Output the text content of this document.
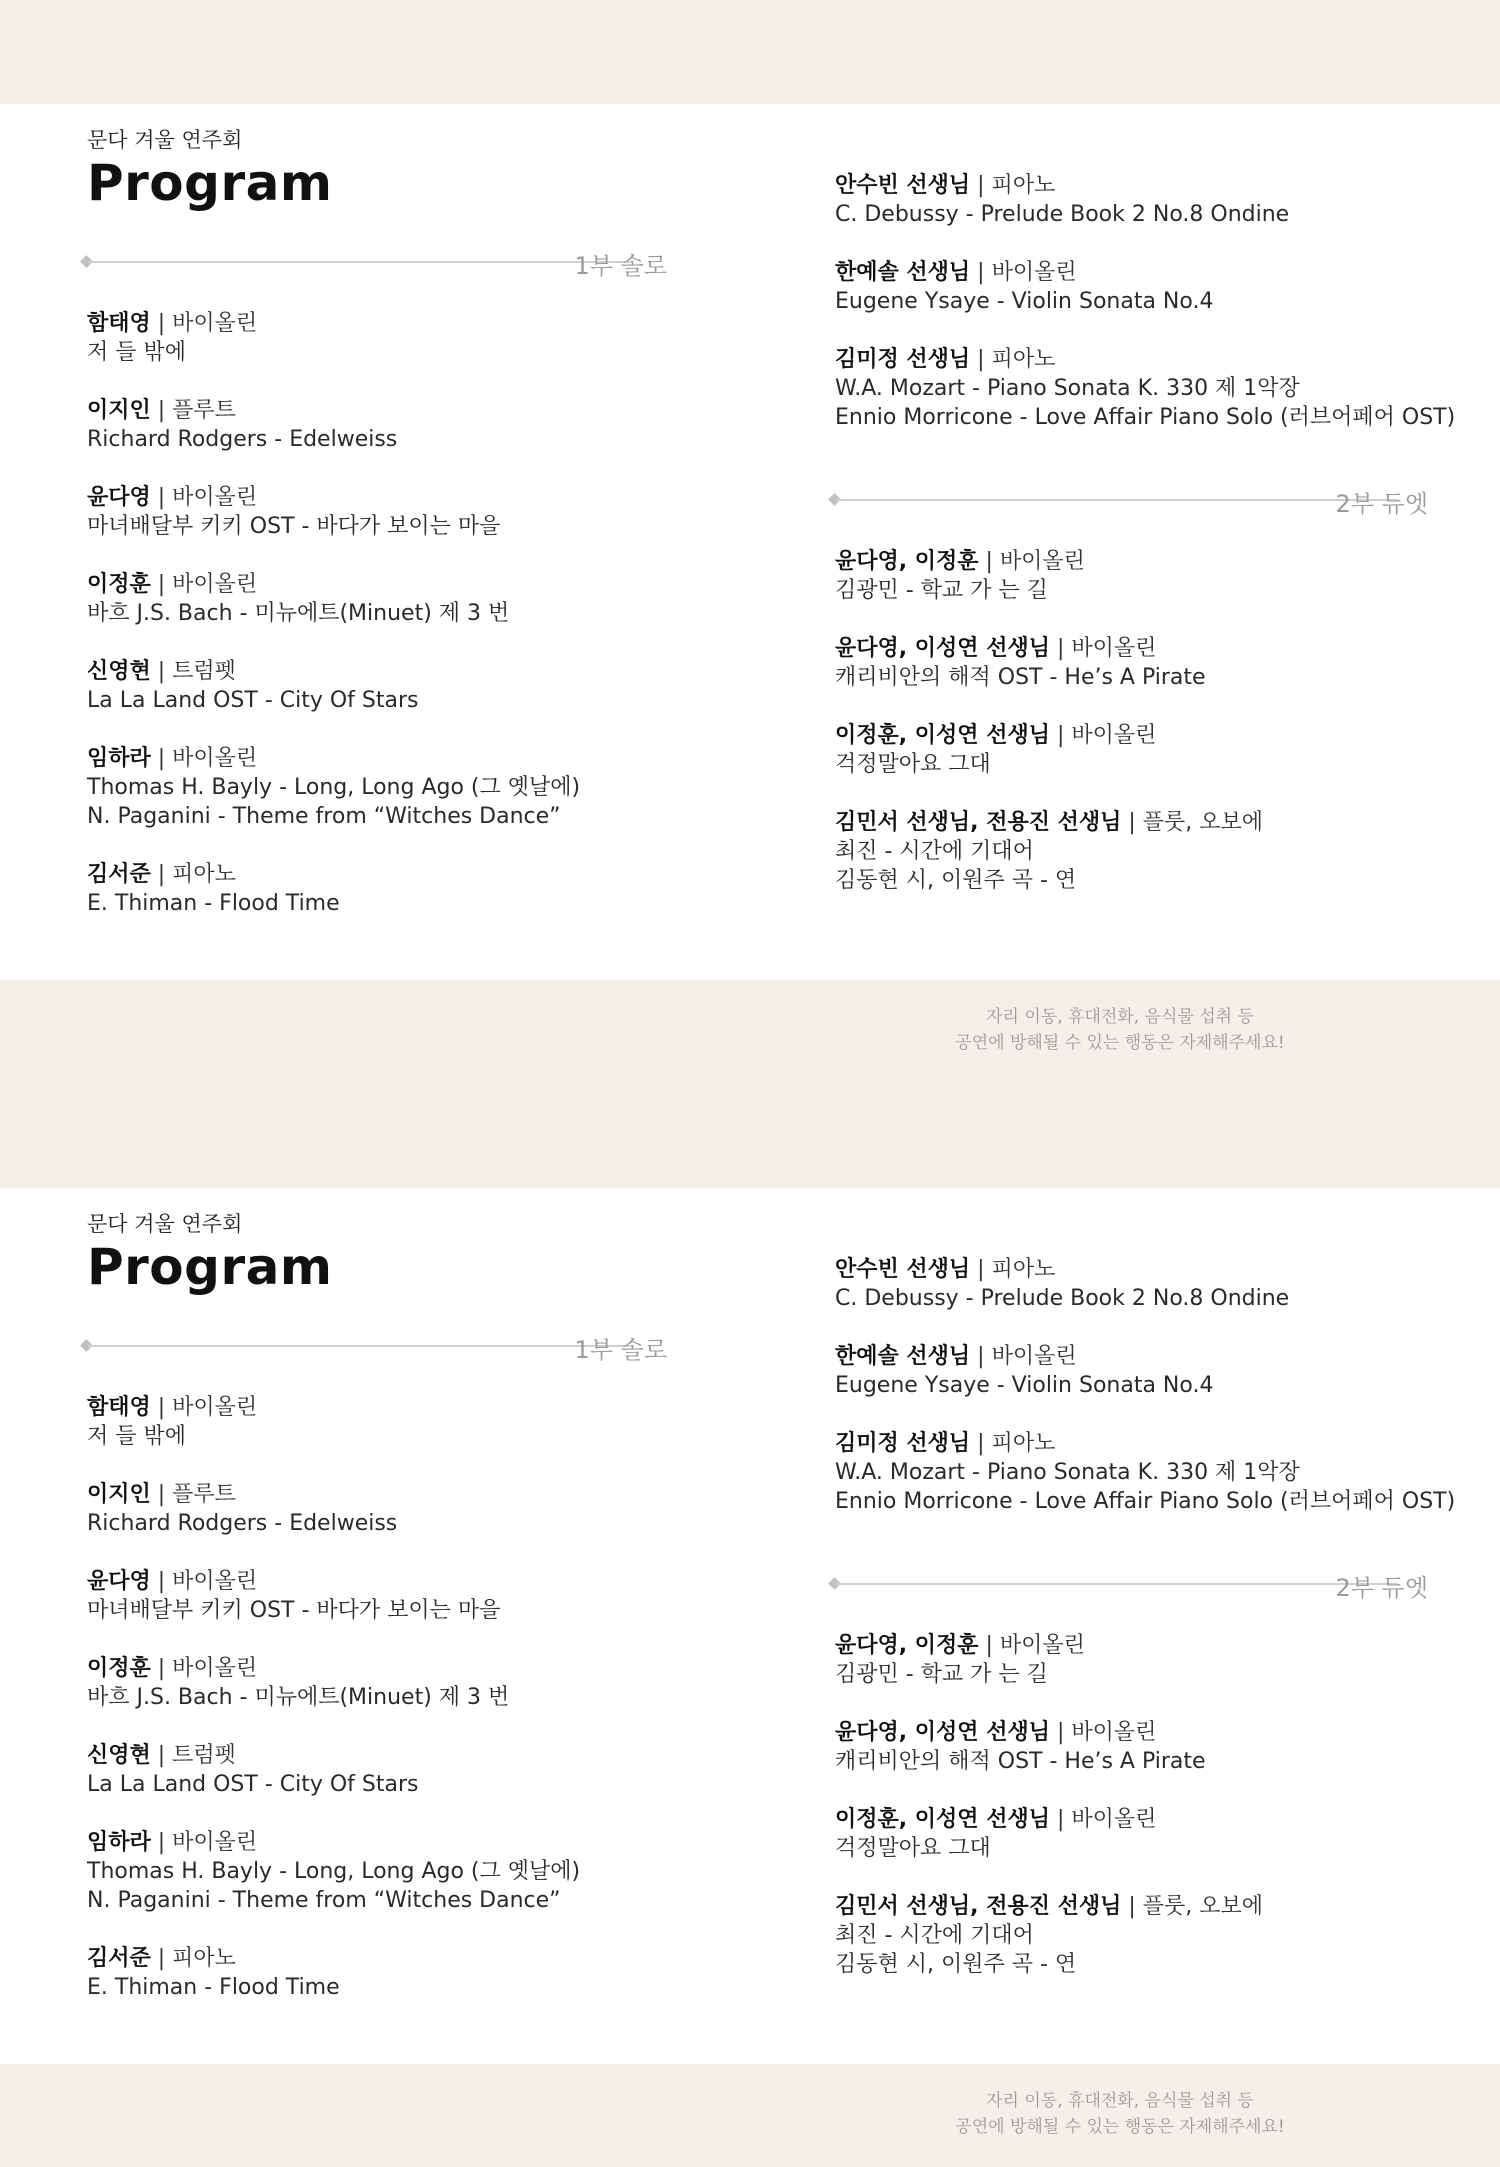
문다 겨울 연주회
Program
1부 솔로
함태영 | 바이올린
저 들 밖에
이지인 | 플루트
Richard Rodgers - Edelweiss
윤다영 | 바이올린
마녀배달부 키키 OST - 바다가 보이는 마을
이정훈 | 바이올린
바흐 J.S. Bach - 미뉴에트(Minuet) 제 3 번
신영현 | 트럼펫
La La Land OST - City Of Stars
임하라 | 바이올린
Thomas H. Bayly - Long, Long Ago (그 옛날에)
N. Paganini - Theme from “Witches Dance”
김서준 | 피아노
E. Thiman - Flood Time
안수빈 선생님 | 피아노
C. Debussy - Prelude Book 2 No.8 Ondine
한예솔 선생님 | 바이올린
Eugene Ysaye - Violin Sonata No.4
김미정 선생님 | 피아노
W.A. Mozart - Piano Sonata K. 330 제 1악장
Ennio Morricone - Love Affair Piano Solo (러브어페어 OST)
2부 듀엣
윤다영, 이정훈 | 바이올린
김광민 - 학교 가 는 길
윤다영, 이성연 선생님 | 바이올린
캐리비안의 해적 OST - He’s A Pirate
이정훈, 이성연 선생님 | 바이올린
걱정말아요 그대
김민서 선생님, 전용진 선생님 | 플룻, 오보에
최진 - 시간에 기대어
김동현 시, 이원주 곡 - 연
자리 이동, 휴대전화, 음식물 섭취 등
공연에 방해될 수 있는 행동은 자제해주세요!
문다 겨울 연주회
Program
1부 솔로
함태영 | 바이올린
저 들 밖에
이지인 | 플루트
Richard Rodgers - Edelweiss
윤다영 | 바이올린
마녀배달부 키키 OST - 바다가 보이는 마을
이정훈 | 바이올린
바흐 J.S. Bach - 미뉴에트(Minuet) 제 3 번
신영현 | 트럼펫
La La Land OST - City Of Stars
임하라 | 바이올린
Thomas H. Bayly - Long, Long Ago (그 옛날에)
N. Paganini - Theme from “Witches Dance”
김서준 | 피아노
E. Thiman - Flood Time
안수빈 선생님 | 피아노
C. Debussy - Prelude Book 2 No.8 Ondine
한예솔 선생님 | 바이올린
Eugene Ysaye - Violin Sonata No.4
김미정 선생님 | 피아노
W.A. Mozart - Piano Sonata K. 330 제 1악장
Ennio Morricone - Love Affair Piano Solo (러브어페어 OST)
2부 듀엣
윤다영, 이정훈 | 바이올린
김광민 - 학교 가 는 길
윤다영, 이성연 선생님 | 바이올린
캐리비안의 해적 OST - He’s A Pirate
이정훈, 이성연 선생님 | 바이올린
걱정말아요 그대
김민서 선생님, 전용진 선생님 | 플룻, 오보에
최진 - 시간에 기대어
김동현 시, 이원주 곡 - 연
자리 이동, 휴대전화, 음식물 섭취 등
공연에 방해될 수 있는 행동은 자제해주세요!
